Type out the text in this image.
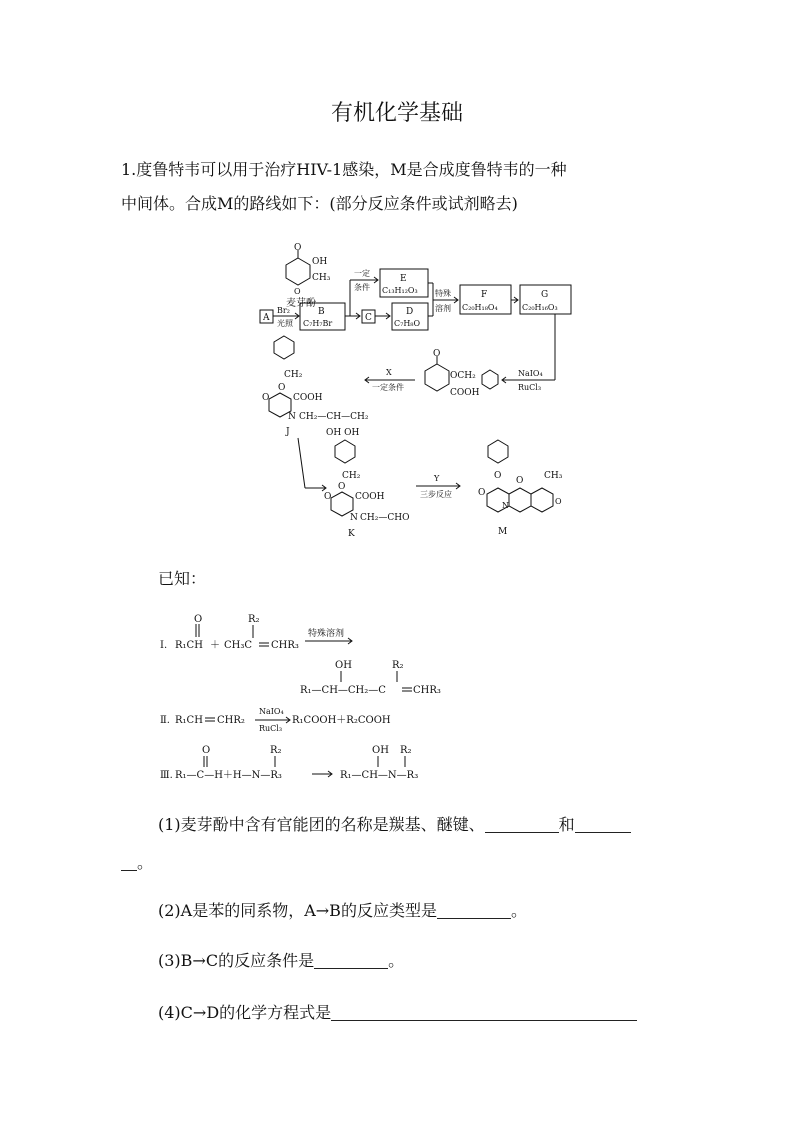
有机化学基础
1.度鲁特韦可以用于治疗HIV-1感染，M是合成度鲁特韦的一种
中间体。合成M的路线如下：(部分反应条件或试剂略去)
O
OH
CH₃
O
麦芽酚
一定
条件
E
C₁₃H₁₂O₃
A
Br₂
光照
B
C₇H₇Br
C
D
C₇H₈O
特殊
溶剂
F
C₂₀H₁₈O₄
G
C₂₀H₁₆O₃
NaIO₄
RuCl₃
O
OCH₂
COOH
X
一定条件
CH₂
O
O	COOH
N CH₂—CH—CH₂
OH OH
J
CH₂
O
O	COOH
N CH₂—CHO
K
Y
三步反应
O
O
O CH₃
N	O
M
已知：
Ⅰ.
O
R₁CH ＋ CH₃C
R₂
CHR₃
特殊溶剂
OH	R₂
R₁—CH—CH₂—C	CHR₃
Ⅱ. R₁CH CHR₂
NaIO₄
RuCl₃
R₁COOH＋R₂COOH
Ⅲ.
O	R₂
R₁—C—H＋H—N—R₃
OH R₂
R₁—CH—N—R₃
(1)麦芽酚中含有官能团的名称是羰基、醚键、	和
。
(2)A是苯的同系物，A→B的反应类型是	。
(3)B→C的反应条件是	。
(4)C→D的化学方程式是
